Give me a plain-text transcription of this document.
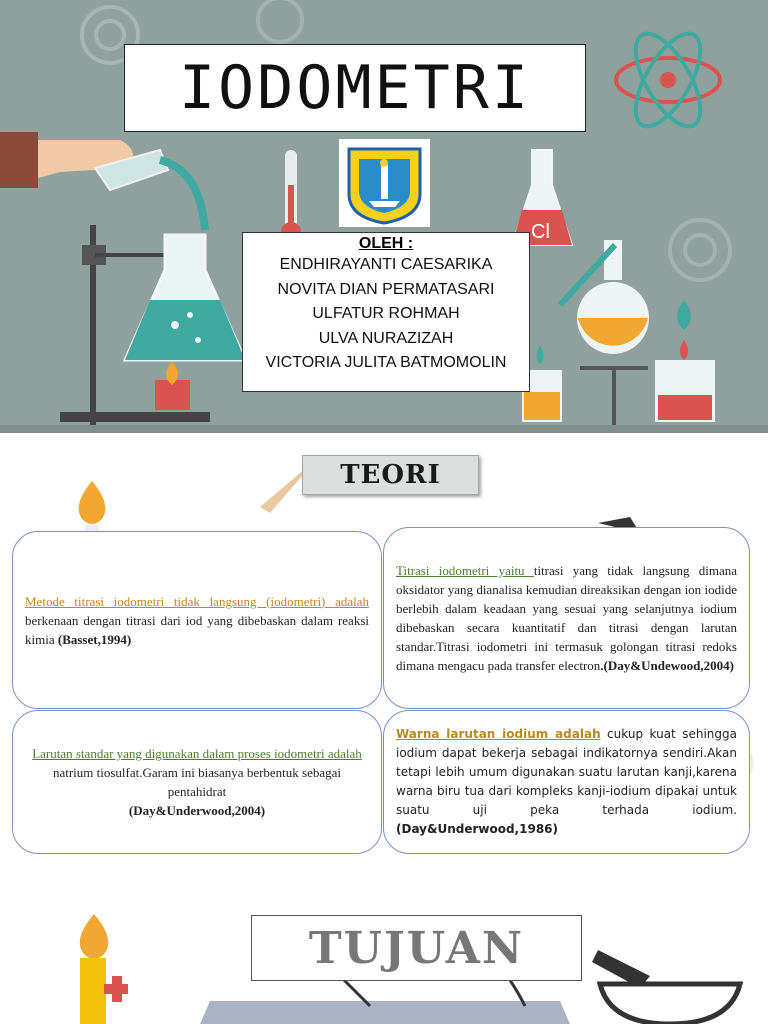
Cl
IODOMETRI
OLEH :
ENDHIRAYANTI CAESARIKA
NOVITA DIAN PERMATASARI
ULFATUR ROHMAH
ULVA NURAZIZAH
VICTORIA JULITA BATMOMOLIN
TEORI

Metode titrasi iodometri tidak langsung (iodometri) adalah berkenaan dengan titrasi dari iod yang dibebaskan dalam reaksi kimia (Basset,1994)

Titrasi iodometri yaitu titrasi yang tidak langsung dimana oksidator yang dianalisa kemudian direaksikan dengan ion iodide berlebih dalam keadaan yang sesuai yang selanjutnya iodium dibebaskan secara kuantitatif dan titrasi dengan larutan standar.Titrasi iodometri ini termasuk golongan titrasi redoks dimana mengacu pada transfer electron.(Day&Undewood,2004)

Larutan standar yang digunakan dalam proses iodometri adalah natrium tiosulfat.Garam ini biasanya berbentuk sebagai pentahidrat
(Day&Underwood,2004)

Warna larutan iodium adalah cukup kuat sehingga iodium dapat bekerja sebagai indikatornya sendiri.Akan tetapi lebih umum digunakan suatu larutan kanji,karena warna biru tua dari kompleks kanji-iodium dipakai untuk suatu uji peka terhada iodium.(Day&Underwood,1986)

TUJUAN
